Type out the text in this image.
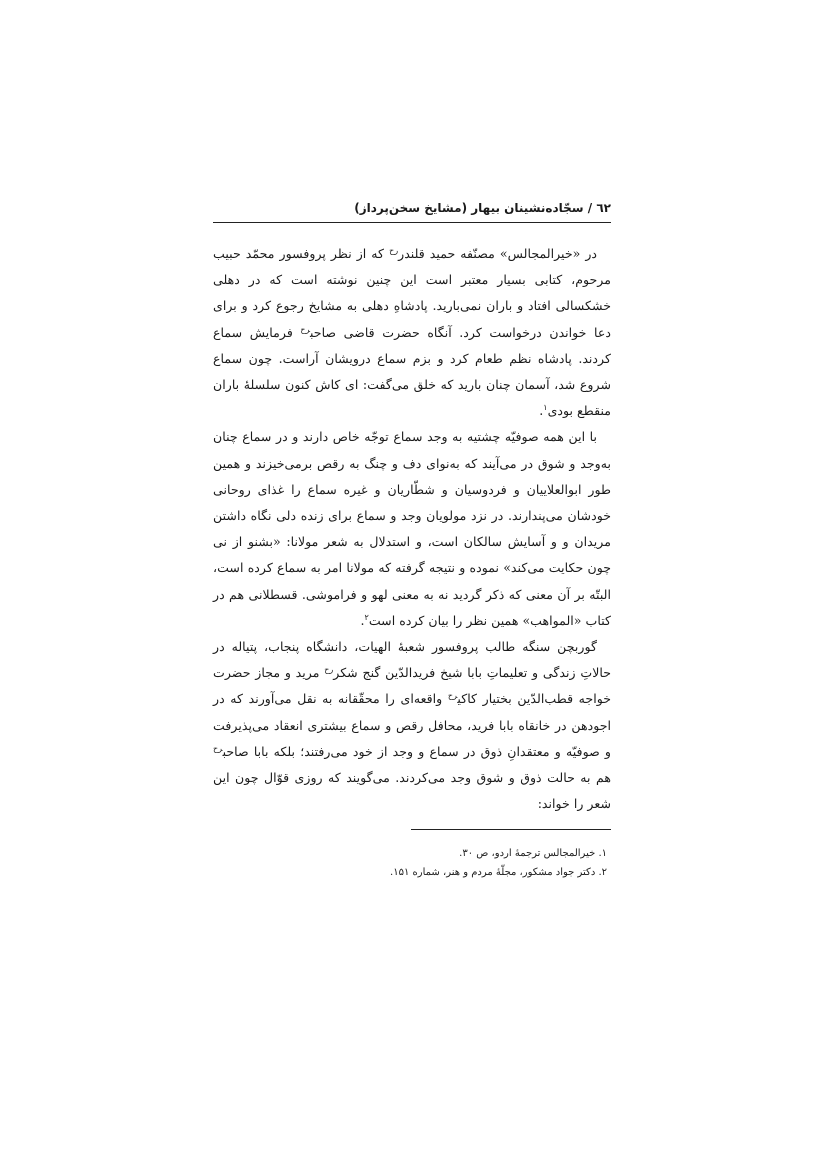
٦٢ / سجّاده‌نشینان بیهار (مشایخ سخن‌پرداز)

در «خیرالمجالس» مصنّفه حمید قلندر$^{رح}$ که از نظر پروفسور محمّد حبیب مرحوم، کتابی بسیار معتبر است این چنین نوشته است که در دهلی خشکسالی افتاد و باران نمی‌بارید. پادشاهِ دهلی به مشایخ رجوع کرد و برای دعا خواندن درخواست کرد. آنگاه حضرت قاضی صاحب$^{رح}$ فرمایش سماع کردند. پادشاه نظم طعام کرد و بزم سماع درویشان آراست. چون سماع شروع شد، آسمان چنان بارید که خلق می‌گفت: ای کاش کنون سلسلهٔ باران منقطع بودی$^۱$.

با این همه صوفیّه چشتیه به وجد سماع توجّه خاص دارند و در سماع چنان به‌وجد و شوق در می‌آیند که به‌نوای دف و چنگ به رقص برمی‌خیزند و همین طور ابوالعلاییان و فردوسیان و شطّاریان و غیره سماع را غذای روحانی خودشان می‌پندارند. در نزد مولویان وجد و سماع برای زنده دلی نگاه داشتن مریدان و و آسایش سالکان است، و استدلال به شعر مولانا: «بشنو از نی چون حکایت می‌کند» نموده و نتیجه گرفته که مولانا امر به سماع کرده است، البتّه بر آن معنی که ذکر گردید نه به معنی لهو و فراموشی. قسطلانی هم در کتاب «المواهب» همین نظر را بیان کرده است$^۲$.

گوربچن سنگه طالب پروفسور شعبهٔ الهیات، دانشگاه پنجاب، پتیاله در حالاتِ زندگی و تعلیماتِ بابا شیخ فریدالدّین گنج شکر$^{رح}$ مرید و مجاز حضرت خواجه قطب‌الدّین بختیار کاکی$^{رح}$ واقعه‌ای را محقّقانه به نقل می‌آورند که در اجودهن در خانقاه بابا فرید، محافل رقص و سماع بیشتری انعقاد می‌پذیرفت و صوفیّه و معتقدانِ ذوق در سماع و وجد از خود می‌رفتند؛ بلکه بابا صاحب$^{رح}$ هم به حالت ذوق و شوق وجد می‌کردند. می‌گویند که روزی قوّال چون این شعر را خواند:

۱. خیرالمجالس ترجمهٔ اردو، ص ۳۰.
۲. دکتر جواد مشکور، مجلّهٔ مردم و هنر، شماره ۱۵۱.
